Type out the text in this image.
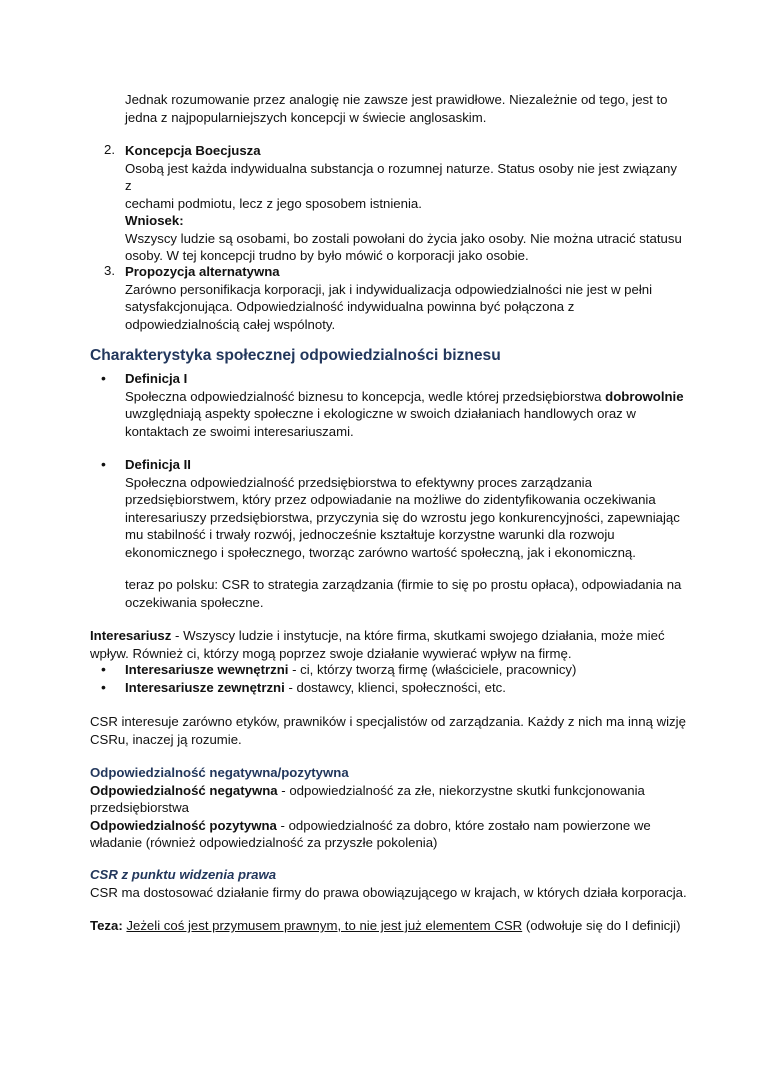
Jednak rozumowanie przez analogię nie zawsze jest prawidłowe. Niezależnie od tego, jest to

jedna z najpopularniejszych koncepcji w świecie anglosaskim.

2. Koncepcja Boecjusza

Osobą jest każda indywidualna substancja o rozumnej naturze. Status osoby nie jest związany z

cechami podmiotu, lecz z jego sposobem istnienia.

Wniosek:

Wszyscy ludzie są osobami, bo zostali powołani do życia jako osoby. Nie można utracić statusu

osoby. W tej koncepcji trudno by było mówić o korporacji jako osobie.

3. Propozycja alternatywna

Zarówno personifikacja korporacji, jak i indywidualizacja odpowiedzialności nie jest w pełni

satysfakcjonująca. Odpowiedzialność indywidualna powinna być połączona z

odpowiedzialnością całej wspólnoty.

Charakterystyka społecznej odpowiedzialności biznesu
• Definicja I

Społeczna odpowiedzialność biznesu to koncepcja, wedle której przedsiębiorstwa dobrowolnie

uwzględniają aspekty społeczne i ekologiczne w swoich działaniach handlowych oraz w

kontaktach ze swoimi interesariuszami.

• Definicja II

Społeczna odpowiedzialność przedsiębiorstwa to efektywny proces zarządzania

przedsiębiorstwem, który przez odpowiadanie na możliwe do zidentyfikowania oczekiwania

interesariuszy przedsiębiorstwa, przyczynia się do wzrostu jego konkurencyjności, zapewniając

mu stabilność i trwały rozwój, jednocześnie kształtuje korzystne warunki dla rozwoju

ekonomicznego i społecznego, tworząc zarówno wartość społeczną, jak i ekonomiczną.

teraz po polsku: CSR to strategia zarządzania (firmie to się po prostu opłaca), odpowiadania na

oczekiwania społeczne.

Interesariusz - Wszyscy ludzie i instytucje, na które firma, skutkami swojego działania, może mieć

wpływ. Również ci, którzy mogą poprzez swoje działanie wywierać wpływ na firmę.

• Interesariusze wewnętrzni - ci, którzy tworzą firmę (właściciele, pracownicy)

• Interesariusze zewnętrzni - dostawcy, klienci, społeczności, etc.

CSR interesuje zarówno etyków, prawników i specjalistów od zarządzania. Każdy z nich ma inną wizję

CSRu, inaczej ją rozumie.

Odpowiedzialność negatywna/pozytywna

Odpowiedzialność negatywna - odpowiedzialność za złe, niekorzystne skutki funkcjonowania

przedsiębiorstwa

Odpowiedzialność pozytywna - odpowiedzialność za dobro, które zostało nam powierzone we

władanie (również odpowiedzialność za przyszłe pokolenia)

CSR z punktu widzenia prawa

CSR ma dostosować działanie firmy do prawa obowiązującego w krajach, w których działa korporacja.

Teza: Jeżeli coś jest przymusem prawnym, to nie jest już elementem CSR (odwołuje się do I definicji)
